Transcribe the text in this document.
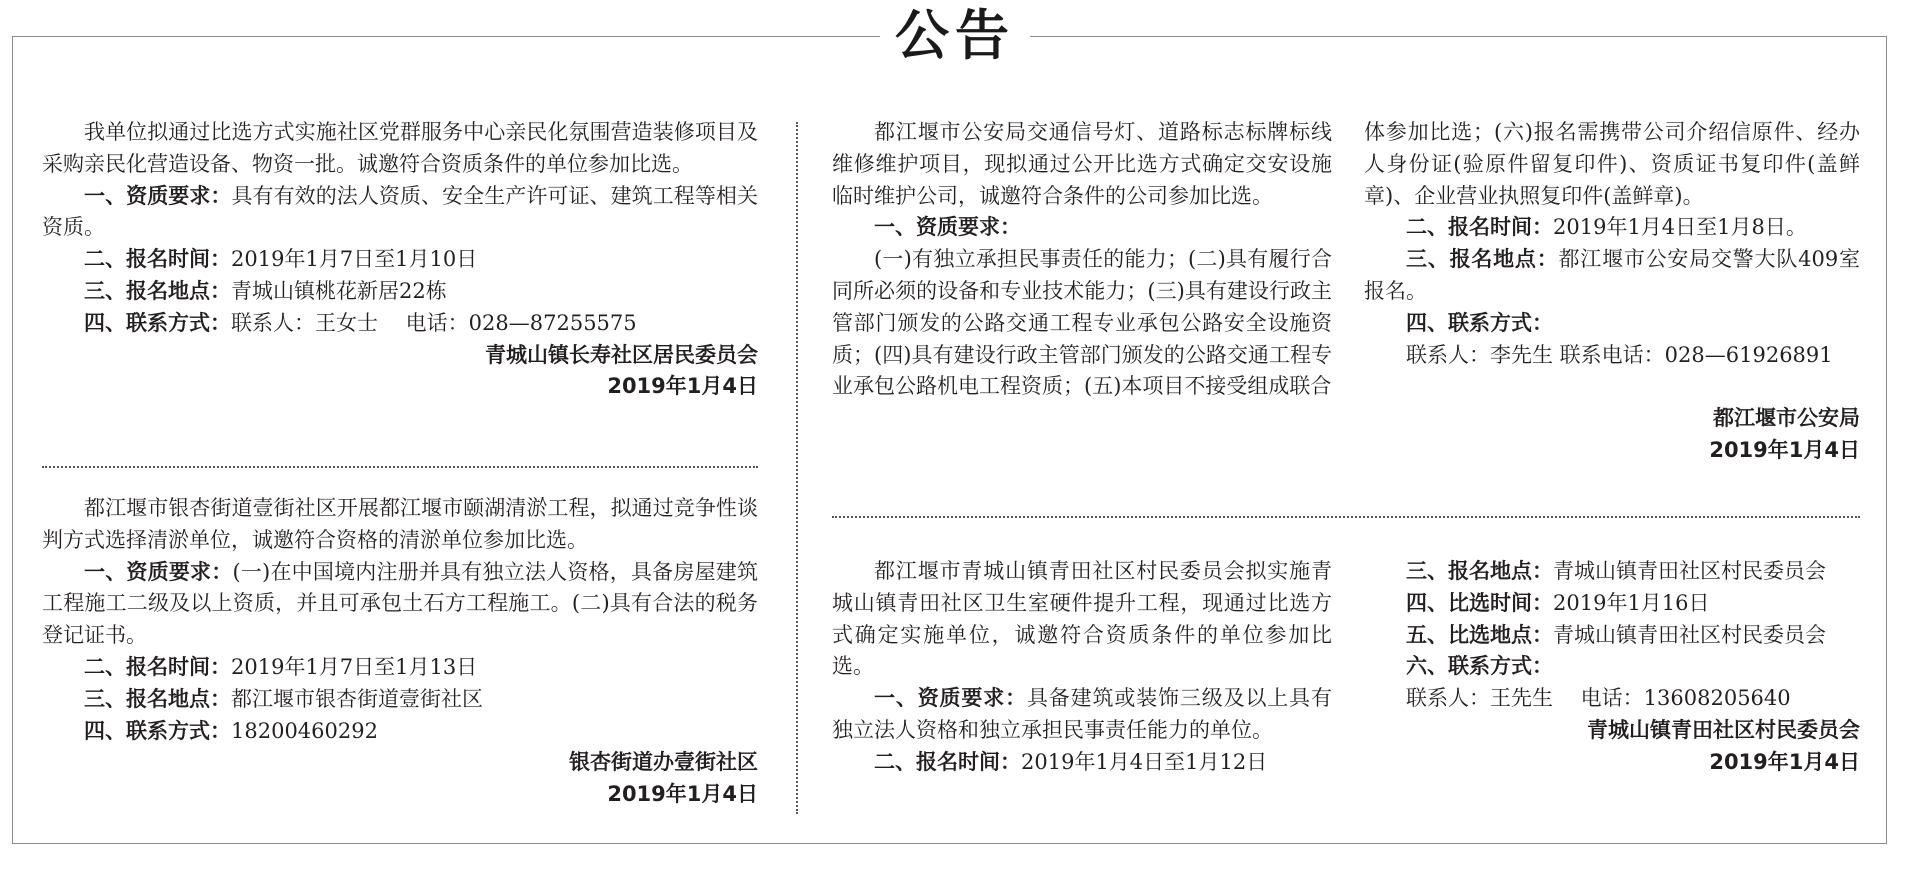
公告

我单位拟通过比选方式实施社区党群服务中心亲民化氛围营造装修项目及采购亲民化营造设备、物资一批。诚邀符合资质条件的单位参加比选。

一、资质要求：具有有效的法人资质、安全生产许可证、建筑工程等相关资质。

二、报名时间：2019年1月7日至1月10日

三、报名地点：青城山镇桃花新居22栋

四、联系方式：联系人：王女士　 电话：028—87255575

青城山镇长寿社区居民委员会

2019年1月4日

都江堰市银杏街道壹街社区开展都江堰市颐湖清淤工程，拟通过竞争性谈判方式选择清淤单位，诚邀符合资格的清淤单位参加比选。

一、资质要求：(一)在中国境内注册并具有独立法人资格，具备房屋建筑工程施工二级及以上资质，并且可承包土石方工程施工。(二)具有合法的税务登记证书。

二、报名时间：2019年1月7日至1月13日

三、报名地点：都江堰市银杏街道壹街社区

四、联系方式：18200460292

银杏街道办壹街社区

2019年1月4日

都江堰市公安局交通信号灯、道路标志标牌标线维修维护项目，现拟通过公开比选方式确定交安设施临时维护公司，诚邀符合条件的公司参加比选。

一、资质要求：

(一)有独立承担民事责任的能力；(二)具有履行合同所必须的设备和专业技术能力；(三)具有建设行政主管部门颁发的公路交通工程专业承包公路安全设施资质；(四)具有建设行政主管部门颁发的公路交通工程专业承包公路机电工程资质；(五)本项目不接受组成联合

体参加比选；(六)报名需携带公司介绍信原件、经办人身份证(验原件留复印件)、资质证书复印件(盖鲜章)、企业营业执照复印件(盖鲜章)。

二、报名时间：2019年1月4日至1月8日。

三、报名地点：都江堰市公安局交警大队409室报名。

四、联系方式：

联系人：李先生 联系电话：028—61926891

都江堰市公安局

2019年1月4日

都江堰市青城山镇青田社区村民委员会拟实施青城山镇青田社区卫生室硬件提升工程，现通过比选方式确定实施单位，诚邀符合资质条件的单位参加比选。

一、资质要求：具备建筑或装饰三级及以上具有独立法人资格和独立承担民事责任能力的单位。

二、报名时间：2019年1月4日至1月12日

三、报名地点：青城山镇青田社区村民委员会

四、比选时间：2019年1月16日

五、比选地点：青城山镇青田社区村民委员会

六、联系方式：

联系人：王先生　 电话：13608205640

青城山镇青田社区村民委员会

2019年1月4日
